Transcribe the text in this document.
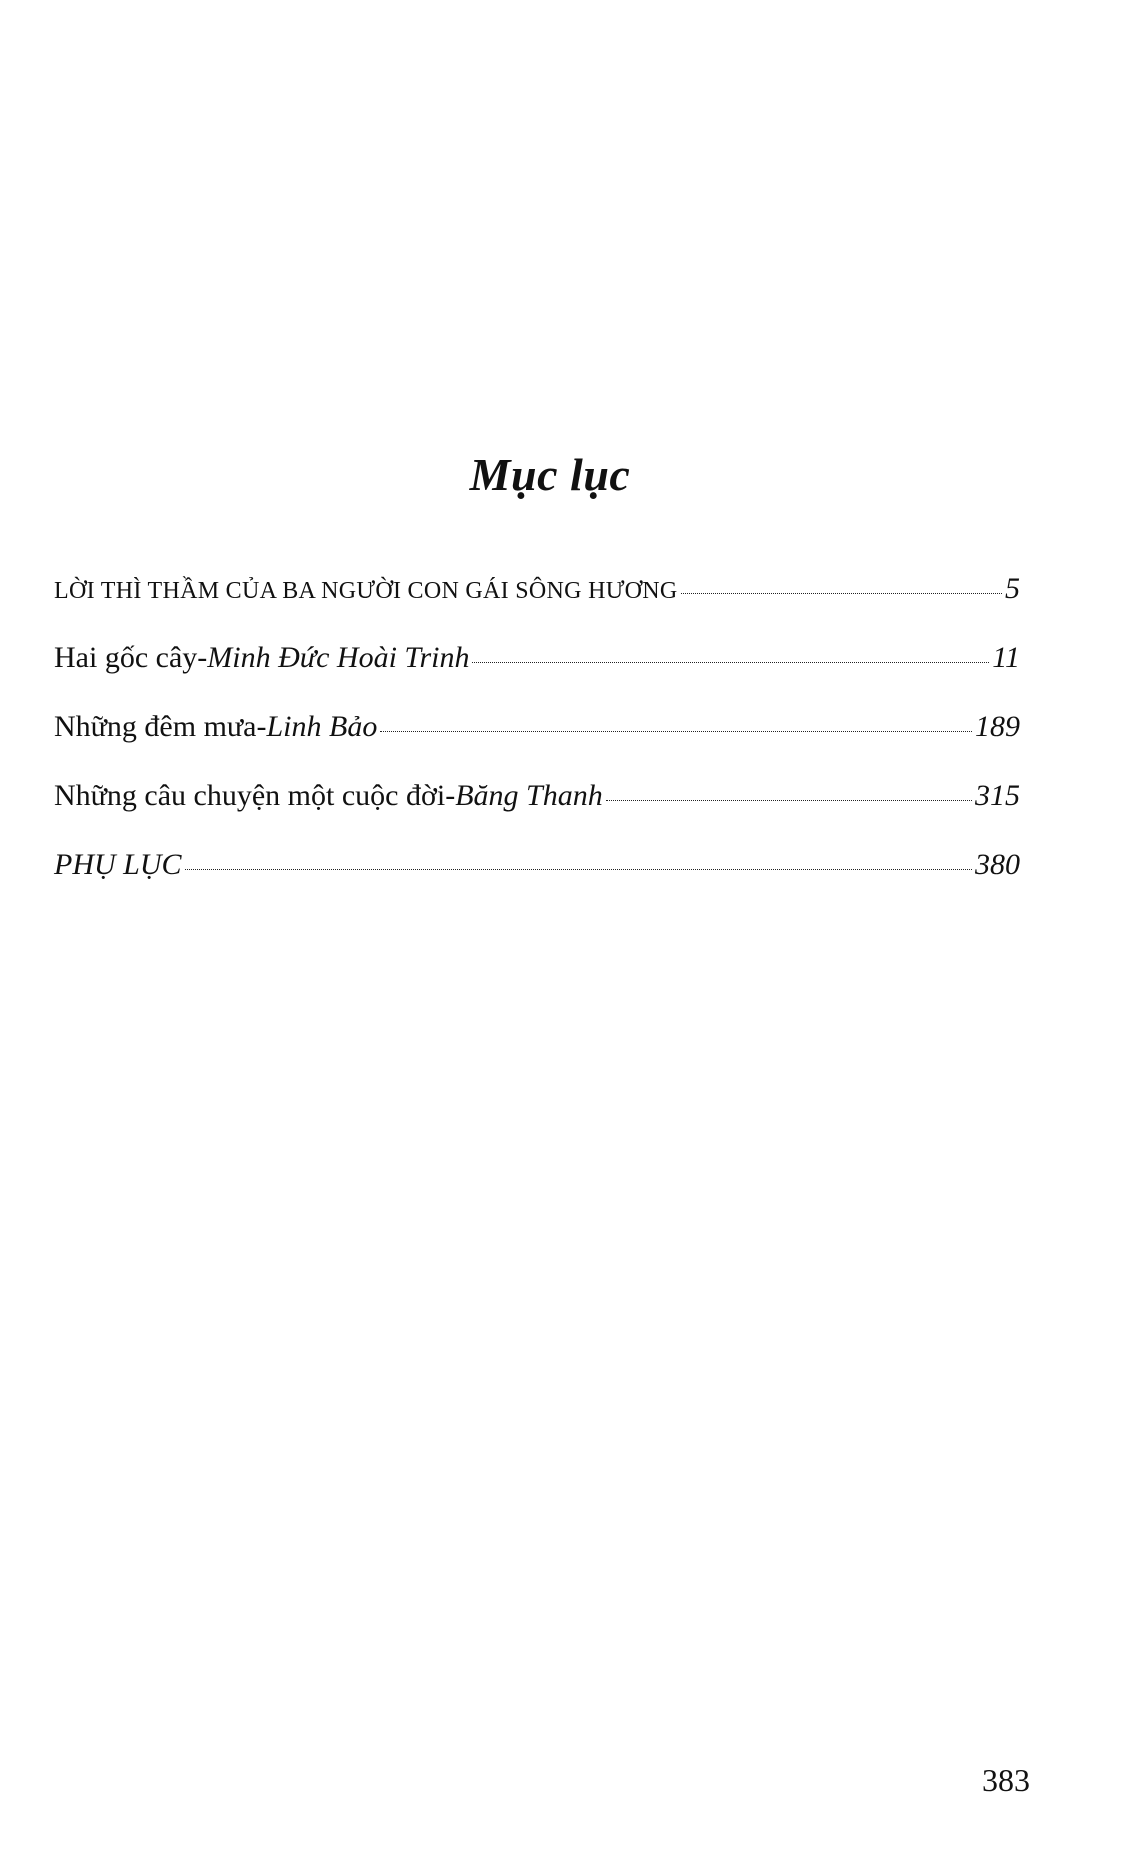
Mục lục
LỜI THÌ THẦM CỦA BA NGƯỜI CON GÁI SÔNG HƯƠNG	5
Hai gốc cây - Minh Đức Hoài Trinh	11
Những đêm mưa - Linh Bảo	189
Những câu chuyện một cuộc đời - Băng Thanh	315
PHỤ LỤC	380
383
